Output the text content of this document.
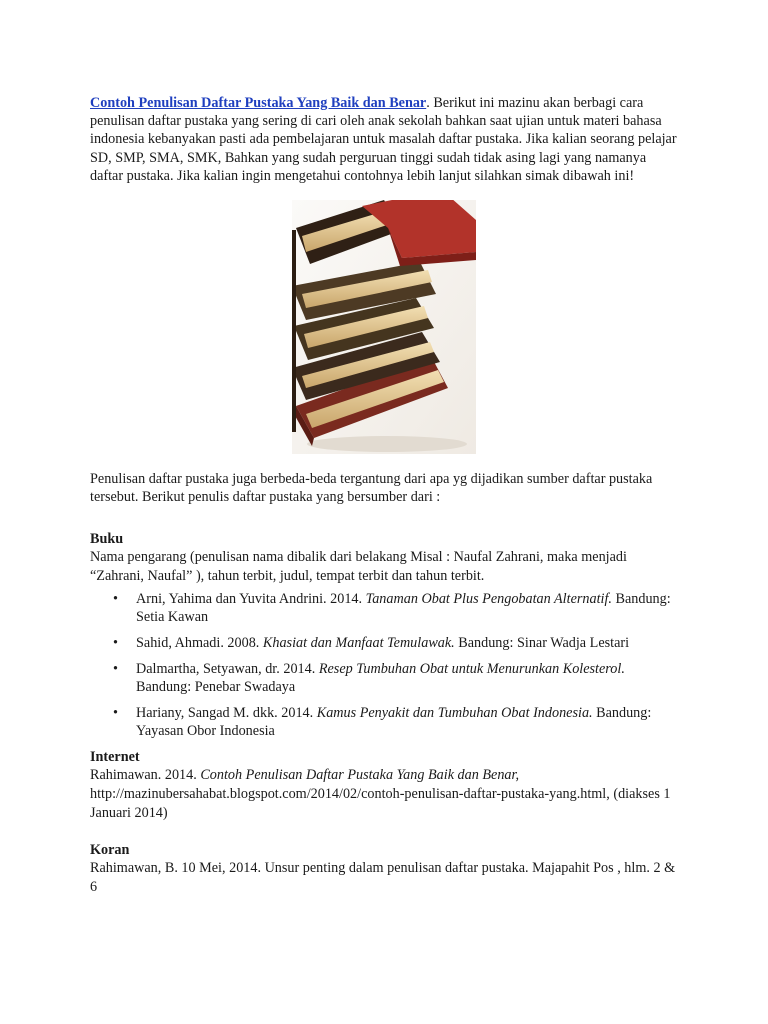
Contoh Penulisan Daftar Pustaka Yang Baik dan Benar. Berikut ini mazinu akan berbagi cara penulisan daftar pustaka yang sering di cari oleh anak sekolah bahkan saat ujian untuk materi bahasa indonesia kebanyakan pasti ada pembelajaran untuk masalah daftar pustaka. Jika kalian seorang pelajar SD, SMP, SMA, SMK, Bahkan yang sudah perguruan tinggi sudah tidak asing lagi yang namanya daftar pustaka. Jika kalian ingin mengetahui contohnya lebih lanjut silahkan simak dibawah ini!

Penulisan daftar pustaka juga berbeda-beda tergantung dari apa yg dijadikan sumber daftar pustaka tersebut. Berikut penulis daftar pustaka yang bersumber dari :

Buku

Nama pengarang (penulisan nama dibalik dari belakang Misal : Naufal Zahrani, maka menjadi “Zahrani, Naufal” ), tahun terbit, judul, tempat terbit dan tahun terbit.

• Arni, Yahima dan Yuvita Andrini. 2014. Tanaman Obat Plus Pengobatan Alternatif. Bandung: Setia Kawan
• Sahid, Ahmadi. 2008. Khasiat dan Manfaat Temulawak. Bandung: Sinar Wadja Lestari
• Dalmartha, Setyawan, dr. 2014. Resep Tumbuhan Obat untuk Menurunkan Kolesterol. Bandung: Penebar Swadaya
• Hariany, Sangad M. dkk. 2014. Kamus Penyakit dan Tumbuhan Obat Indonesia. Bandung: Yayasan Obor Indonesia
Internet

Rahimawan. 2014. Contoh Penulisan Daftar Pustaka Yang Baik dan Benar, http://mazinubersahabat.blogspot.com/2014/02/contoh-penulisan-daftar-pustaka-yang.html, (diakses 1 Januari 2014)

Koran

Rahimawan, B. 10 Mei, 2014. Unsur penting dalam penulisan daftar pustaka. Majapahit Pos , hlm. 2 & 6
